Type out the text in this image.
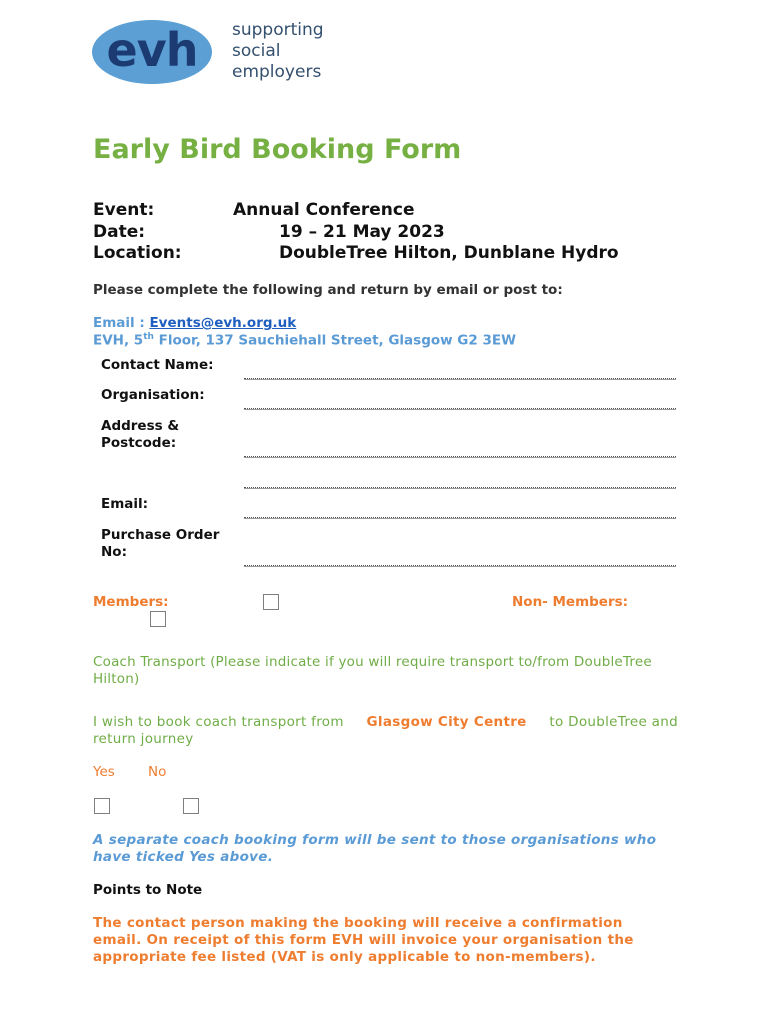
evh	supporting
social
employers
Early Bird Booking Form
Event:	Annual Conference
Date:	19 – 21 May 2023
Location:	DoubleTree Hilton, Dunblane Hydro
Please complete the following and return by email or post to:
Email : Events@evh.org.uk
EVH, 5th Floor, 137 Sauchiehall Street, Glasgow G2 3EW
Contact Name:
Organisation:
Address &
Postcode:
Email:
Purchase Order
No:
Members:	Non- Members:
Coach Transport (Please indicate if you will require transport to/from DoubleTree
Hilton)
I wish to book coach transport from Glasgow City Centre to DoubleTree and
return journey
Yes No
A separate coach booking form will be sent to those organisations who
have ticked Yes above.
Points to Note
The contact person making the booking will receive a confirmation
email. On receipt of this form EVH will invoice your organisation the
appropriate fee listed (VAT is only applicable to non-members).
